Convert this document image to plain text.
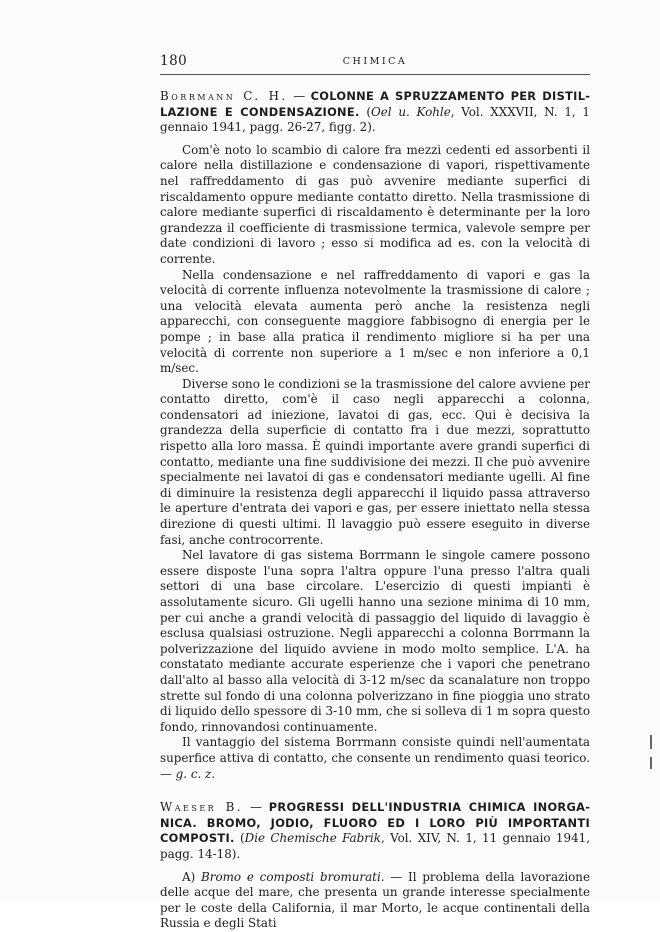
180	CHIMICA

Borrmann C. H. — COLONNE A SPRUZZAMENTO PER DISTILLAZIONE E CONDENSAZIONE. (Oel u. Kohle, Vol. XXXVII, N. 1, 1 gennaio 1941, pagg. 26-27, figg. 2).

Com'è noto lo scambio di calore fra mezzi cedenti ed assorbenti il calore nella distillazione e condensazione di vapori, rispettivamente nel raffreddamento di gas può avvenire mediante superfici di riscaldamento oppure mediante contatto diretto. Nella trasmissione di calore mediante superfici di riscaldamento è determinante per la loro grandezza il coefficiente di trasmissione termica, valevole sempre per date condizioni di lavoro ; esso si modifica ad es. con la velocità di corrente.

Nella condensazione e nel raffreddamento di vapori e gas la velocità di corrente influenza notevolmente la trasmissione di calore ; una velocità elevata aumenta però anche la resistenza negli apparecchi, con conseguente maggiore fabbisogno di energia per le pompe ; in base alla pratica il rendimento migliore si ha per una velocità di corrente non superiore a 1 m/sec e non inferiore a 0,1 m/sec.

Diverse sono le condizioni se la trasmissione del calore avviene per contatto diretto, com'è il caso negli apparecchi a colonna, condensatori ad iniezione, lavatoi di gas, ecc. Qui è decisiva la grandezza della superficie di contatto fra i due mezzi, soprattutto rispetto alla loro massa. È quindi importante avere grandi superfici di contatto, mediante una fine suddivisione dei mezzi. Il che può avvenire specialmente nei lavatoi di gas e condensatori mediante ugelli. Al fine di diminuire la resistenza degli apparecchi il liquido passa attraverso le aperture d'entrata dei vapori e gas, per essere iniettato nella stessa direzione di questi ultimi. Il lavaggio può essere eseguito in diverse fasi, anche controcorrente.

Nel lavatore di gas sistema Borrmann le singole camere possono essere disposte l'una sopra l'altra oppure l'una presso l'altra quali settori di una base circolare. L'esercizio di questi impianti è assolutamente sicuro. Gli ugelli hanno una sezione minima di 10 mm, per cui anche a grandi velocità di passaggio del liquido di lavaggio è esclusa qualsiasi ostruzione. Negli apparecchi a colonna Borrmann la polverizzazione del liquido avviene in modo molto semplice. L'A. ha constatato mediante accurate esperienze che i vapori che penetrano dall'alto al basso alla velocità di 3-12 m/sec da scanalature non troppo strette sul fondo di una colonna polverizzano in fine pioggia uno strato di liquido dello spessore di 3-10 mm, che si solleva di 1 m sopra questo fondo, rinnovandosi continuamente.

Il vantaggio del sistema Borrmann consiste quindi nell'aumentata superfice attiva di contatto, che consente un rendimento quasi teorico. — g. c. z.

Waeser B. — PROGRESSI DELL'INDUSTRIA CHIMICA INORGANICA. BROMO, JODIO, FLUORO ED I LORO PIÙ IMPORTANTI COMPOSTI. (Die Chemische Fabrik, Vol. XIV, N. 1, 11 gennaio 1941, pagg. 14-18).

A) Bromo e composti bromurati. — Il problema della lavorazione delle acque del mare, che presenta un grande interesse specialmente per le coste della California, il mar Morto, le acque continentali della Russia e degli Stati
